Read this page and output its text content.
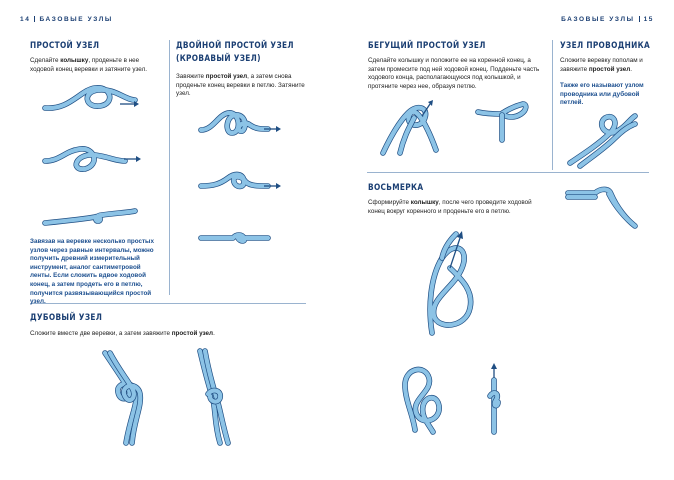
14 БАЗОВЫЕ УЗЛЫ	БАЗОВЫЕ УЗЛЫ 15
ПРОСТОЙ УЗЕЛ
Сделайте колышку, проденьте в нее ходовой конец веревки и затяните узел.
Завязав на веревке несколько простых узлов через равные интервалы, можно получить древний измерительный инструмент, аналог сантиметровой ленты. Если сложить вдвое ходовой конец, а затем продеть его в петлю, получится развязывающийся простой узел.
ДВОЙНОЙ ПРОСТОЙ УЗЕЛ
(КРОВАВЫЙ УЗЕЛ)
Завяжите простой узел, а затем снова проденьте конец веревки в петлю. Затяните узел.
ДУБОВЫЙ УЗЕЛ
Сложите вместе две веревки, а затем завяжите простой узел.
БЕГУЩИЙ ПРОСТОЙ УЗЕЛ
Сделайте колышку и положите ее на коренной конец, а затем промесите под ней ходовой конец. Подденьте часть ходового конца, располагающуюся под колышкой, и протяните через нее, образуя петлю.
УЗЕЛ ПРОВОДНИКА
Сложите веревку пополам и завяжите простой узел.
Также его называют узлом проводника или дубовой петлей.
ВОСЬМЕРКА
Сформируйте колышку, после чего проведите ходовой конец вокруг коренного и проденьте его в петлю.
